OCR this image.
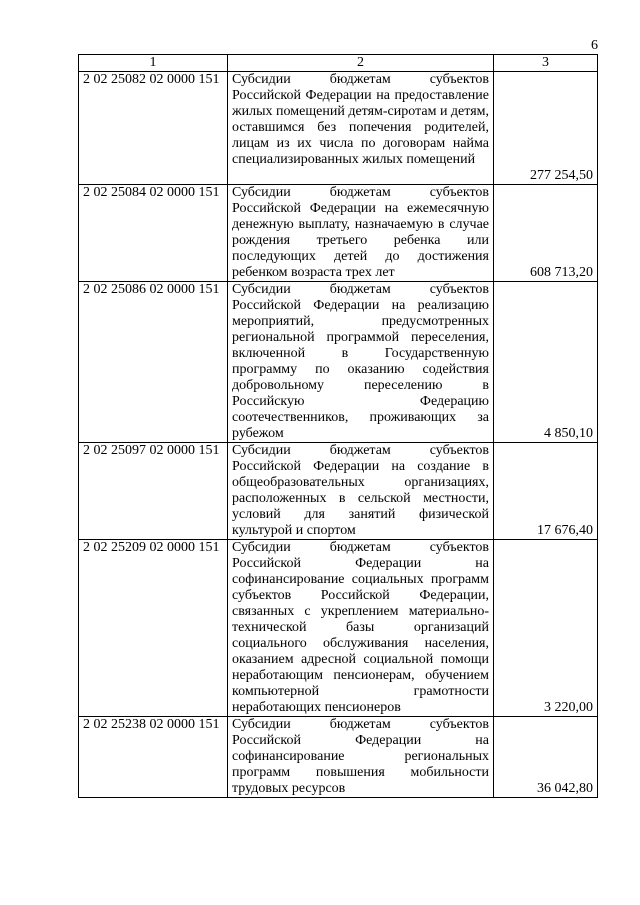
6
1	2	3
2 02 25082 02 0000 151	Субсидии бюджетам субъектов Российской Федерации на предоставление жилых помещений детям-сиротам и детям, оставшимся без попечения родителей, лицам из их числа по договорам найма специализированных жилых помещений	277 254,50
2 02 25084 02 0000 151	Субсидии бюджетам субъектов Российской Федерации на ежемесячную денежную выплату, назначаемую в случае рождения третьего ребенка или последующих детей до достижения ребенком возраста трех лет	608 713,20
2 02 25086 02 0000 151	Субсидии бюджетам субъектов Российской Федерации на реализацию мероприятий, предусмотренных региональной программой переселения, включенной в Государственную программу по оказанию содействия добровольному переселению в Российскую Федерацию соотечественников, проживающих за рубежом	4 850,10
2 02 25097 02 0000 151	Субсидии бюджетам субъектов Российской Федерации на создание в общеобразовательных организациях, расположенных в сельской местности, условий для занятий физической культурой и спортом	17 676,40
2 02 25209 02 0000 151	Субсидии бюджетам субъектов Российской Федерации на софинансирование социальных программ субъектов Российской Федерации, связанных с укреплением материально-технической базы организаций социального обслуживания населения, оказанием адресной социальной помощи неработающим пенсионерам, обучением компьютерной грамотности неработающих пенсионеров	3 220,00
2 02 25238 02 0000 151	Субсидии бюджетам субъектов Российской Федерации на софинансирование региональных программ повышения мобильности трудовых ресурсов	36 042,80
